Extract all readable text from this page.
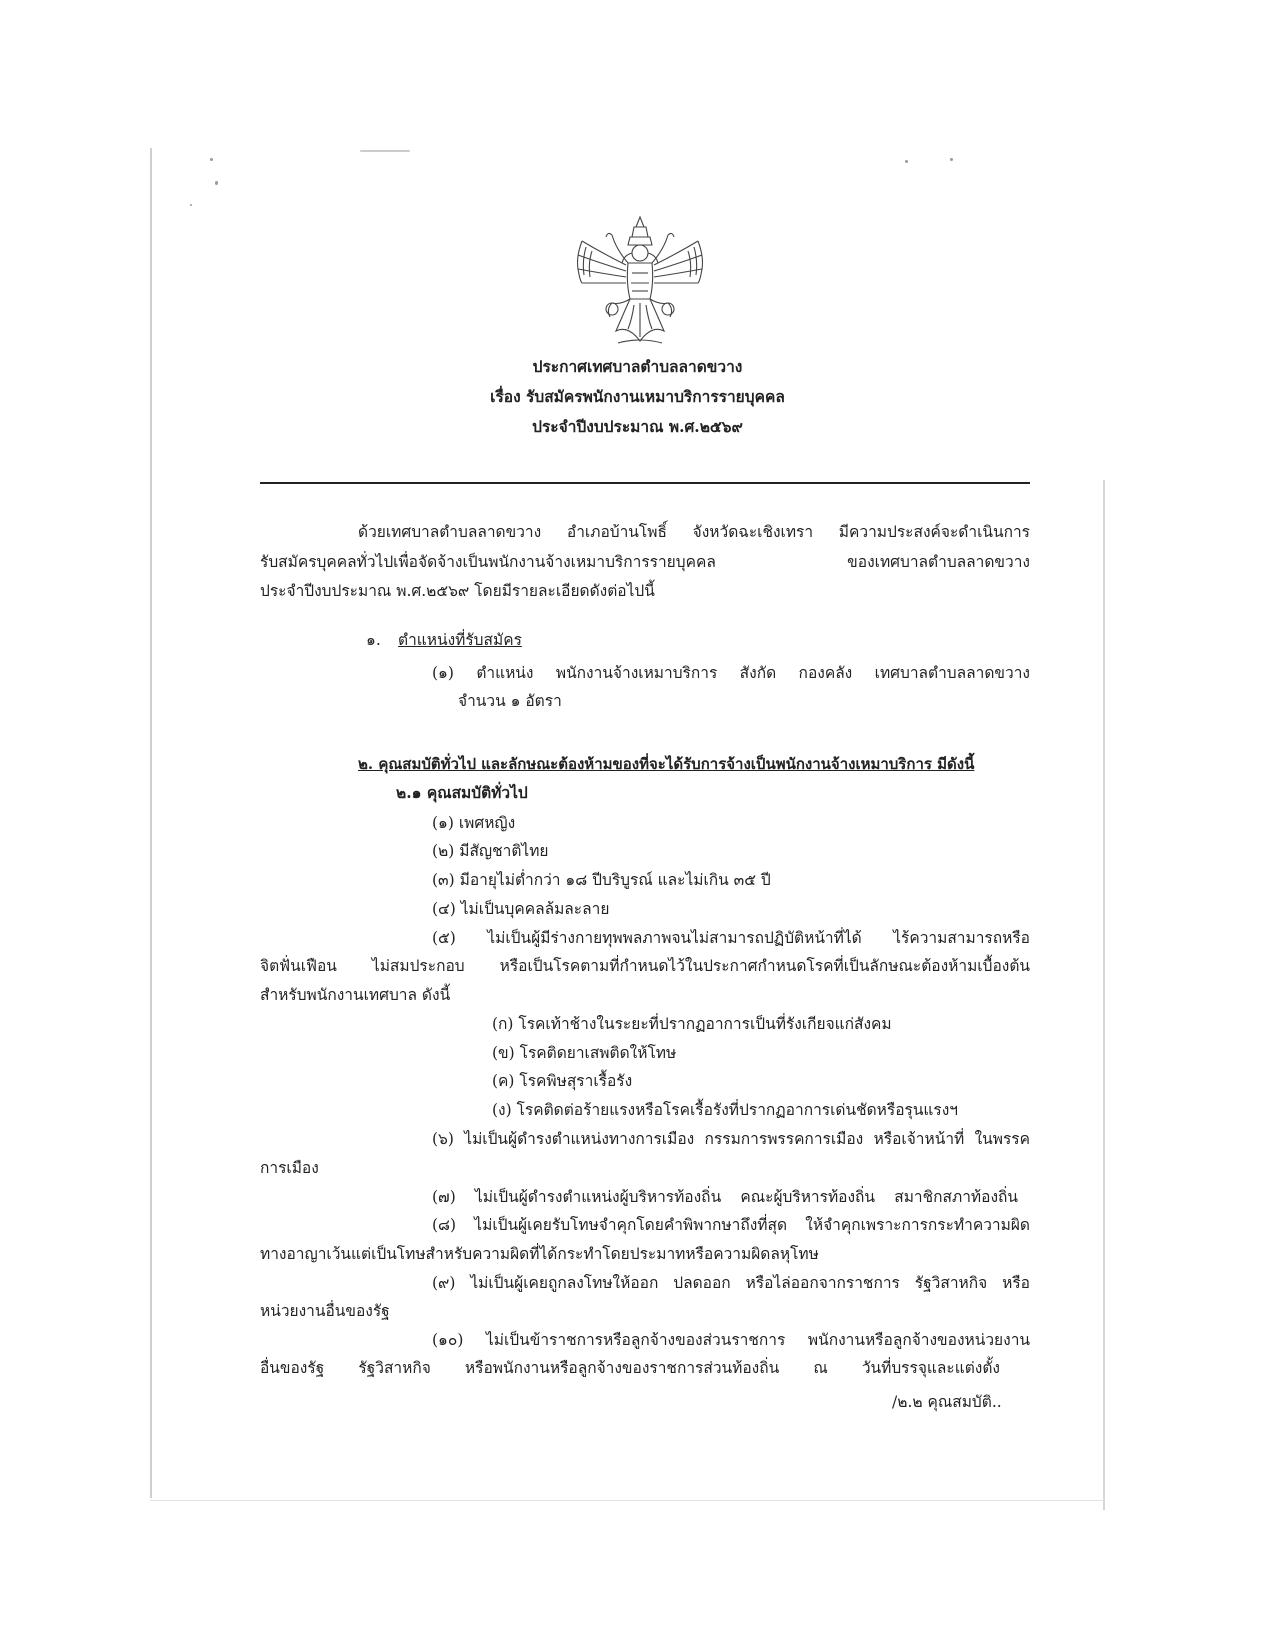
ประกาศเทศบาลตำบลลาดขวาง
เรื่อง รับสมัครพนักงานเหมาบริการรายบุคคล
ประจำปีงบประมาณ พ.ศ.๒๕๖๙
ด้วยเทศบาลตำบลลาดขวาง อำเภอบ้านโพธิ์ จังหวัดฉะเชิงเทรา มีความประสงค์จะดำเนินการ
รับสมัครบุคคลทั่วไปเพื่อจัดจ้างเป็นพนักงานจ้างเหมาบริการรายบุคคล ของเทศบาลตำบลลาดขวาง
ประจำปีงบประมาณ พ.ศ.๒๕๖๙ โดยมีรายละเอียดดังต่อไปนี้
๑. ตำแหน่งที่รับสมัคร
(๑) ตำแหน่ง พนักงานจ้างเหมาบริการ สังกัด กองคลัง เทศบาลตำบลลาดขวาง
จำนวน ๑ อัตรา
๒. คุณสมบัติทั่วไป และลักษณะต้องห้ามของที่จะได้รับการจ้างเป็นพนักงานจ้างเหมาบริการ มีดังนี้
๒.๑ คุณสมบัติทั่วไป
(๑) เพศหญิง
(๒) มีสัญชาติไทย
(๓) มีอายุไม่ต่ำกว่า ๑๘ ปีบริบูรณ์ และไม่เกิน ๓๕ ปี
(๔) ไม่เป็นบุคคลล้มละลาย
(๕) ไม่เป็นผู้มีร่างกายทุพพลภาพจนไม่สามารถปฏิบัติหน้าที่ได้ ไร้ความสามารถหรือ
จิตฟั่นเฟือน ไม่สมประกอบ หรือเป็นโรคตามที่กำหนดไว้ในประกาศกำหนดโรคที่เป็นลักษณะต้องห้ามเบื้องต้น
สำหรับพนักงานเทศบาล ดังนี้
(ก) โรคเท้าช้างในระยะที่ปรากฏอาการเป็นที่รังเกียจแก่สังคม
(ข) โรคติดยาเสพติดให้โทษ
(ค) โรคพิษสุราเรื้อรัง
(ง) โรคติดต่อร้ายแรงหรือโรคเรื้อรังที่ปรากฏอาการเด่นชัดหรือรุนแรงฯ
(๖) ไม่เป็นผู้ดำรงตำแหน่งทางการเมือง กรรมการพรรคการเมือง หรือเจ้าหน้าที่ ในพรรค
การเมือง
(๗) ไม่เป็นผู้ดำรงตำแหน่งผู้บริหารท้องถิ่น คณะผู้บริหารท้องถิ่น สมาชิกสภาท้องถิ่น
(๘) ไม่เป็นผู้เคยรับโทษจำคุกโดยคำพิพากษาถึงที่สุด ให้จำคุกเพราะการกระทำความผิด
ทางอาญาเว้นแต่เป็นโทษสำหรับความผิดที่ได้กระทำโดยประมาทหรือความผิดลหุโทษ
(๙) ไม่เป็นผู้เคยถูกลงโทษให้ออก ปลดออก หรือไล่ออกจากราชการ รัฐวิสาหกิจ หรือ
หน่วยงานอื่นของรัฐ
(๑๐) ไม่เป็นข้าราชการหรือลูกจ้างของส่วนราชการ พนักงานหรือลูกจ้างของหน่วยงาน
อื่นของรัฐ รัฐวิสาหกิจ หรือพนักงานหรือลูกจ้างของราชการส่วนท้องถิ่น ณ วันที่บรรจุและแต่งตั้ง
/๒.๒ คุณสมบัติ..
